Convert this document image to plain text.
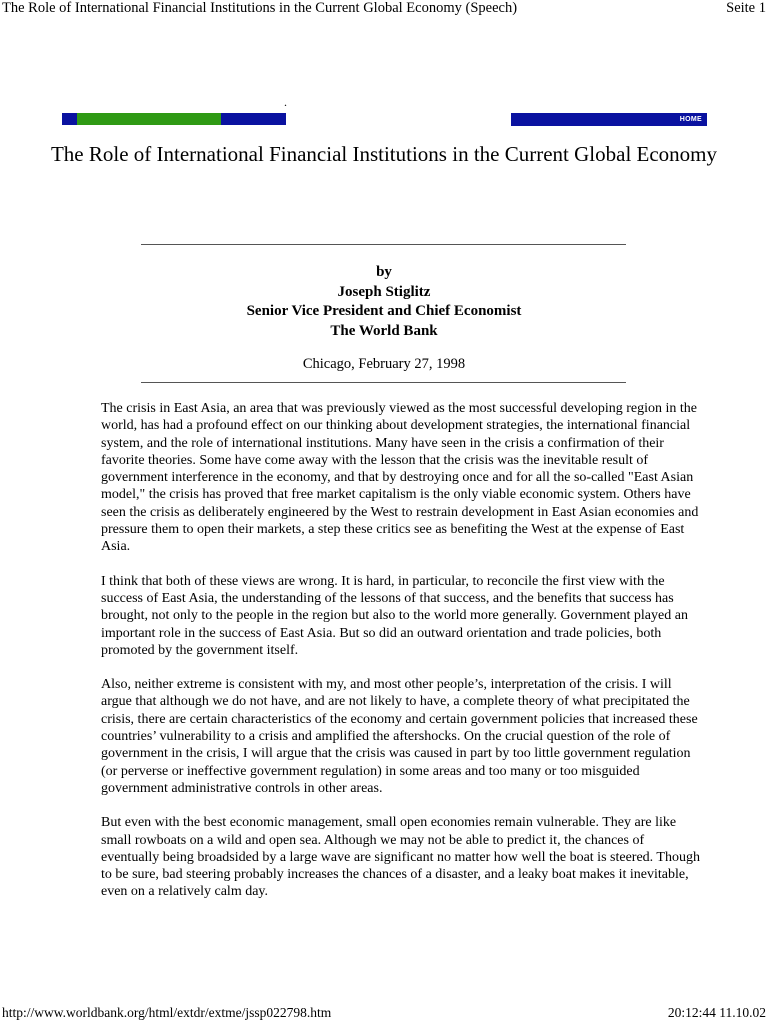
The Role of International Financial Institutions in the Current Global Economy (Speech)	Seite 1
.
HOME
The Role of International Financial Institutions in the Current Global Economy
by
Joseph Stiglitz
Senior Vice President and Chief Economist
The World Bank
Chicago, February 27, 1998

The crisis in East Asia, an area that was previously viewed as the most successful developing region in the world, has had a profound effect on our thinking about development strategies, the international financial system, and the role of international institutions. Many have seen in the crisis a confirmation of their favorite theories. Some have come away with the lesson that the crisis was the inevitable result of government interference in the economy, and that by destroying once and for all the so-called "East Asian model," the crisis has proved that free market capitalism is the only viable economic system. Others have seen the crisis as deliberately engineered by the West to restrain development in East Asian economies and pressure them to open their markets, a step these critics see as benefiting the West at the expense of East Asia.

I think that both of these views are wrong. It is hard, in particular, to reconcile the first view with the success of East Asia, the understanding of the lessons of that success, and the benefits that success has brought, not only to the people in the region but also to the world more generally. Government played an important role in the success of East Asia. But so did an outward orientation and trade policies, both promoted by the government itself.

Also, neither extreme is consistent with my, and most other people’s, interpretation of the crisis. I will argue that although we do not have, and are not likely to have, a complete theory of what precipitated the crisis, there are certain characteristics of the economy and certain government policies that increased these countries’ vulnerability to a crisis and amplified the aftershocks. On the crucial question of the role of government in the crisis, I will argue that the crisis was caused in part by too little government regulation (or perverse or ineffective government regulation) in some areas and too many or too misguided government administrative controls in other areas.

But even with the best economic management, small open economies remain vulnerable. They are like small rowboats on a wild and open sea. Although we may not be able to predict it, the chances of eventually being broadsided by a large wave are significant no matter how well the boat is steered. Though to be sure, bad steering probably increases the chances of a disaster, and a leaky boat makes it inevitable, even on a relatively calm day.

http://www.worldbank.org/html/extdr/extme/jssp022798.htm	20:12:44 11.10.02
